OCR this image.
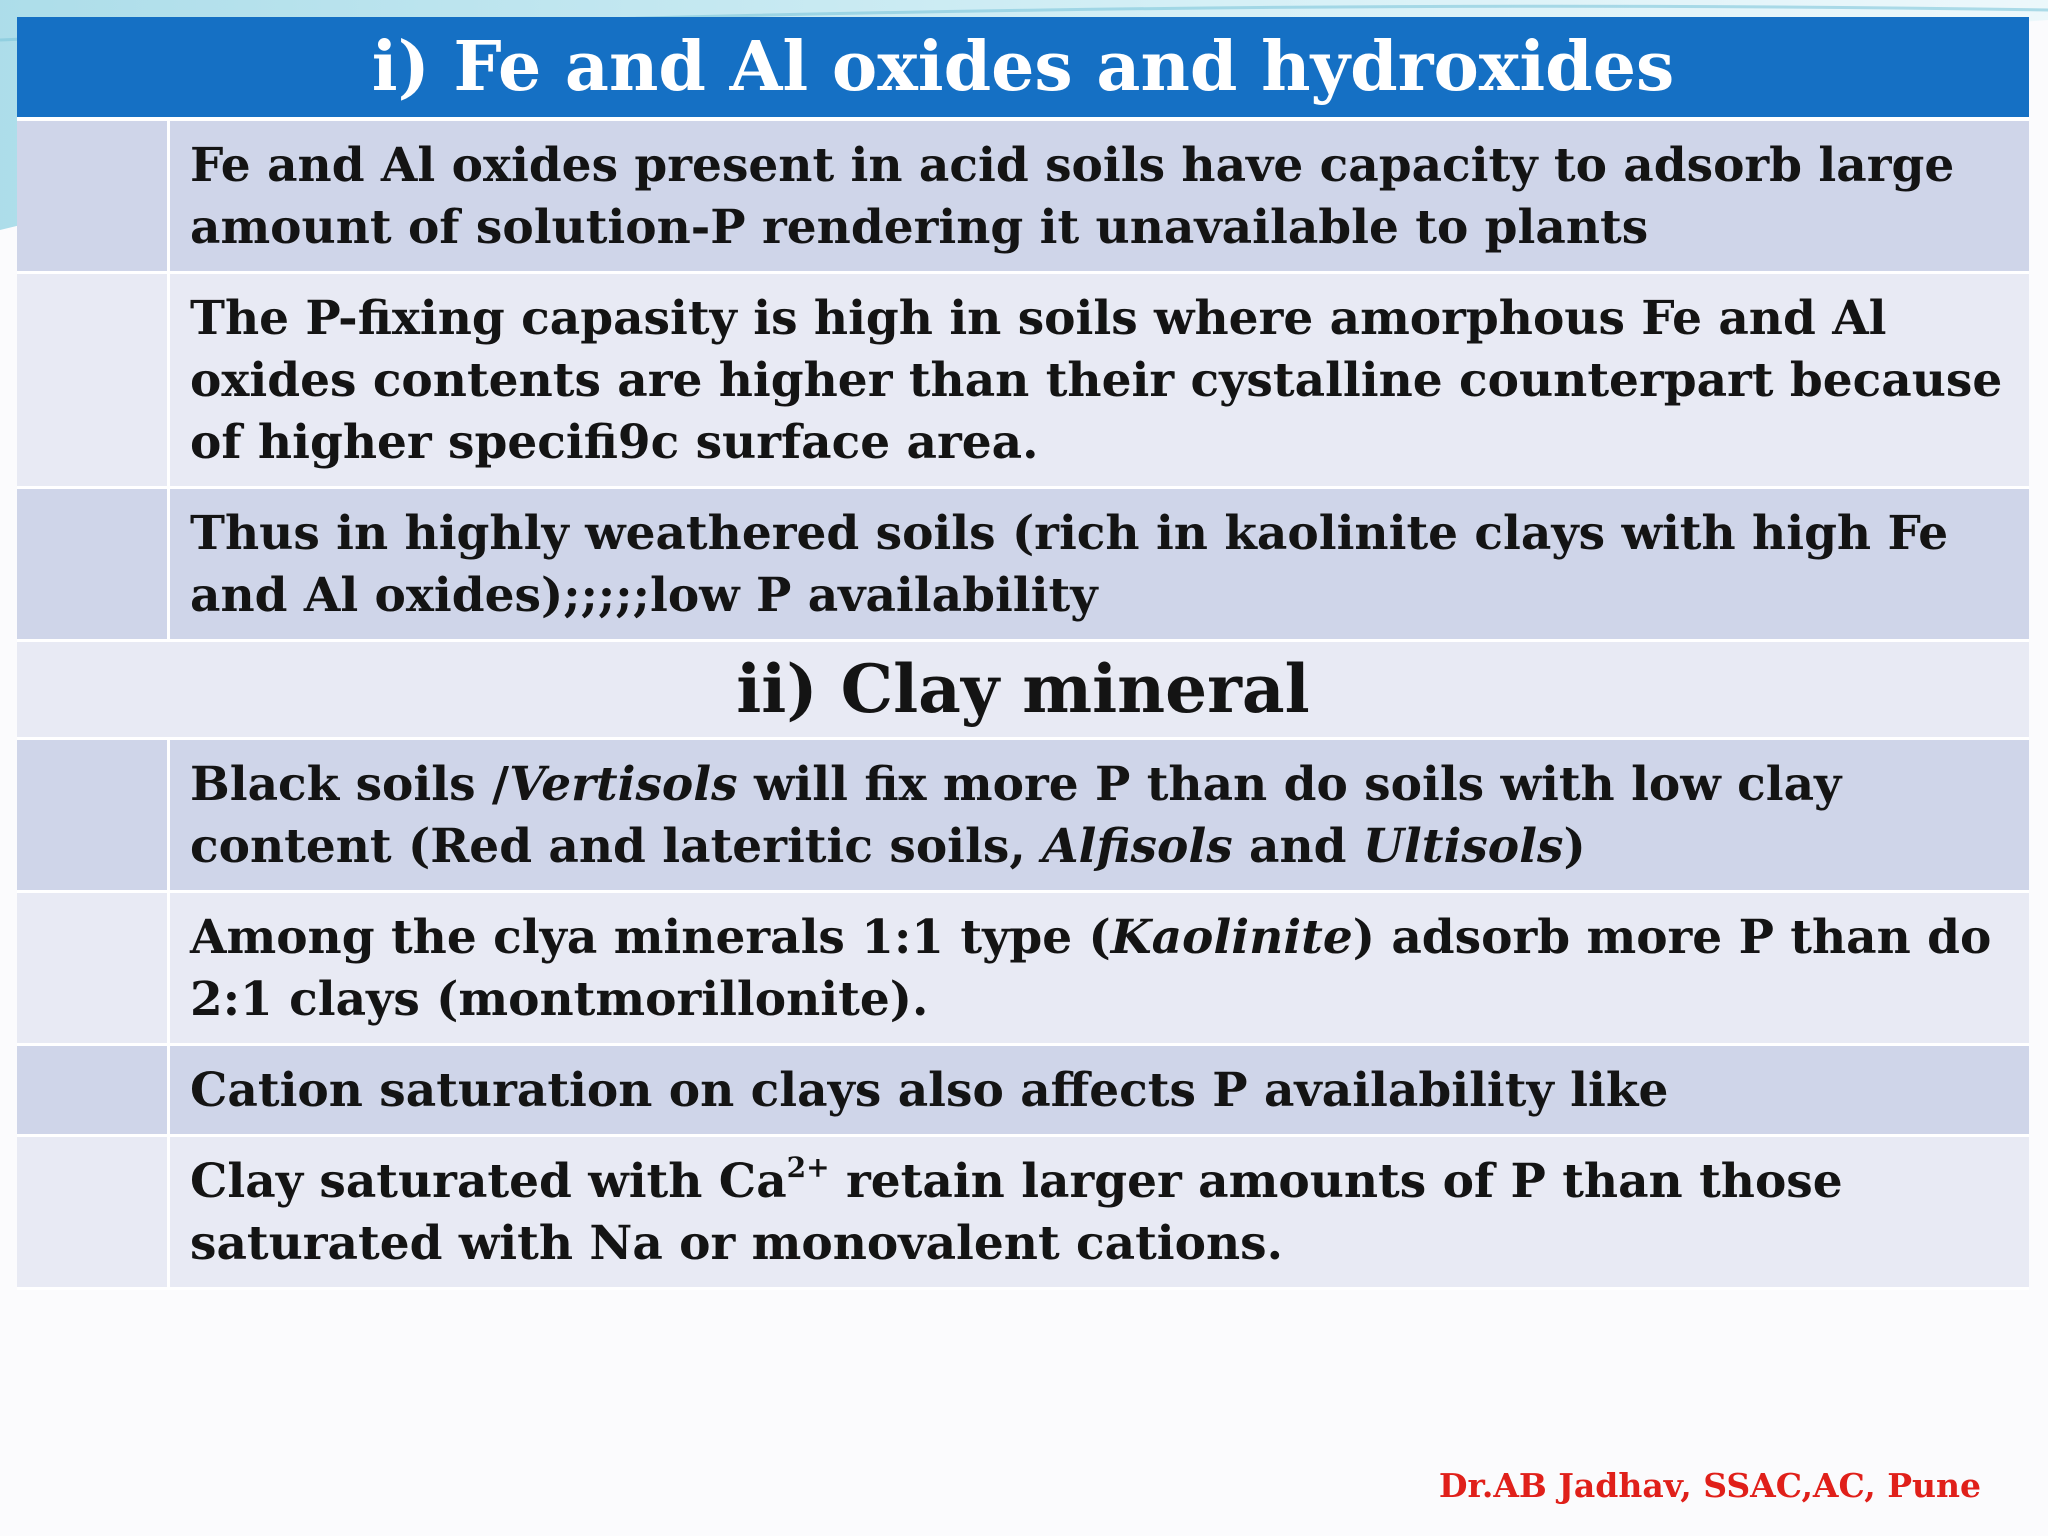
i) Fe and Al oxides and hydroxides
Fe and Al oxides present in acid soils have capacity to adsorb large amount of solution-P rendering it unavailable to plants
The P-fixing capasity is high in soils where amorphous Fe and Al oxides contents are higher than their cystalline counterpart because of higher specifi9c surface area.
Thus in highly weathered soils (rich in kaolinite clays with high Fe and Al oxides);;;;;low P availability
ii) Clay mineral
Black soils /Vertisols will fix more P than do soils with low clay content (Red and lateritic soils, Alfisols and Ultisols)
Among the clya minerals 1:1 type (Kaolinite) adsorb more P than do 2:1 clays (montmorillonite).
Cation saturation on clays also affects P availability like
Clay saturated with $Ca^{2+}$ retain larger amounts of P than those saturated with Na or monovalent cations.
Dr.AB Jadhav, SSAC,AC, Pune
